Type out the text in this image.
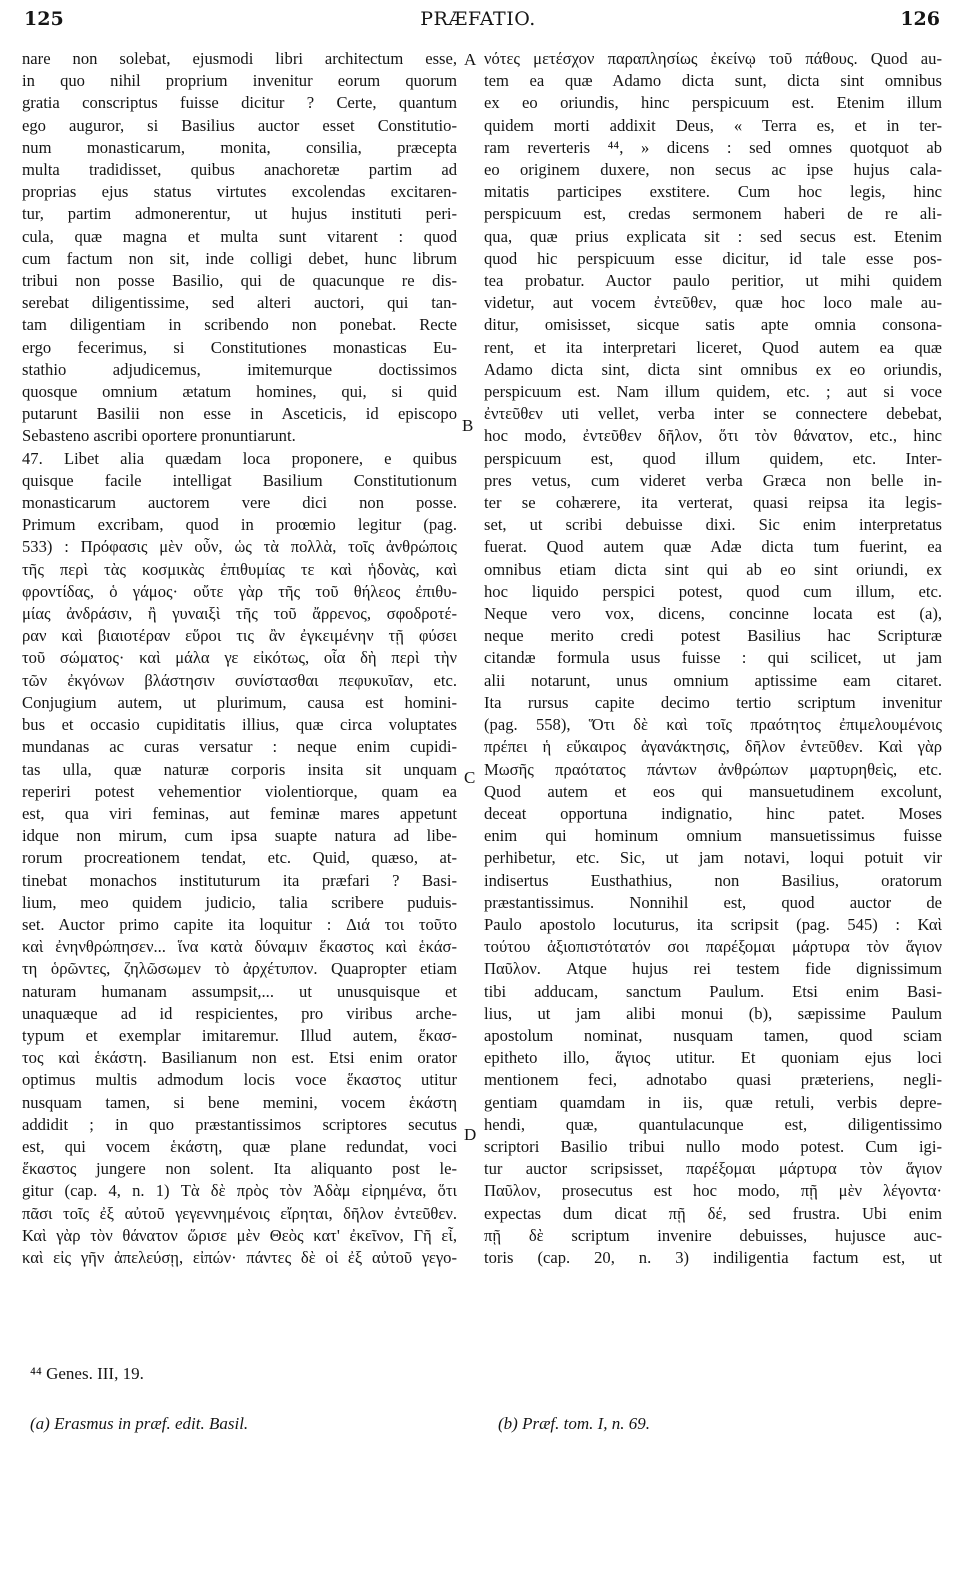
125	PRÆFATIO.	126
nare non solebat, ejusmodi libri architectum esse,
in quo nihil proprium invenitur eorum quorum
gratia conscriptus fuisse dicitur ? Certe, quantum
ego auguror, si Basilius auctor esset Constitutio-
num monasticarum, monita, consilia, præcepta
multa tradidisset, quibus anachoretæ partim ad
proprias ejus status virtutes excolendas excitaren-
tur, partim admonerentur, ut hujus instituti peri-
cula, quæ magna et multa sunt vitarent : quod
cum factum non sit, inde colligi debet, hunc librum
tribui non posse Basilio, qui de quacunque re dis-
serebat diligentissime, sed alteri auctori, qui tan-
tam diligentiam in scribendo non ponebat. Recte
ergo fecerimus, si Constitutiones monasticas Eu-
stathio adjudicemus, imitemurque doctissimos
quosque omnium ætatum homines, qui, si quid
putarunt Basilii non esse in Asceticis, id episcopo
Sebasteno ascribi oportere pronuntiarunt.
47. Libet alia quædam loca proponere, e quibus
quisque facile intelligat Basilium Constitutionum
monasticarum auctorem vere dici non posse.
Primum excribam, quod in proœmio legitur (pag.
533) : Πρόφασις μὲν οὖν, ὡς τὰ πολλὰ, τοῖς ἀνθρώποις
τῆς περὶ τὰς κοσμικὰς ἐπιθυμίας τε καὶ ἡδονὰς, καὶ
φροντίδας, ὁ γάμος· οὔτε γὰρ τῆς τοῦ θήλεος ἐπιθυ-
μίας ἀνδράσιν, ἢ γυναιξὶ τῆς τοῦ ἄρρενος, σφοδροτέ-
ραν καὶ βιαιοτέραν εὕροι τις ἂν ἐγκειμένην τῇ φύσει
τοῦ σώματος· καὶ μάλα γε εἰκότως, οἷα δὴ περὶ τὴν
τῶν ἐκγόνων βλάστησιν συνίστασθαι πεφυκυῖαν, etc.
Conjugium autem, ut plurimum, causa est homini-
bus et occasio cupiditatis illius, quæ circa voluptates
mundanas ac curas versatur : neque enim cupidi-
tas ulla, quæ naturæ corporis insita sit unquam
reperiri potest vehementior violentiorque, quam ea
est, qua viri feminas, aut feminæ mares appetunt
idque non mirum, cum ipsa suapte natura ad libe-
rorum procreationem tendat, etc. Quid, quæso, at-
tinebat monachos instituturum ita præfari ? Basi-
lium, meo quidem judicio, talia scribere puduis-
set. Auctor primo capite ita loquitur : Διά τοι τοῦτο
καὶ ἐνηνθρώπησεν... ἵνα κατὰ δύναμιν ἕκαστος καὶ ἑκάσ-
τη ὁρῶντες, ζηλῶσωμεν τὸ ἀρχέτυπον. Quapropter etiam
naturam humanam assumpsit,... ut unusquisque et
unaquæque ad id respicientes, pro viribus arche-
typum et exemplar imitaremur. Illud autem, ἕκασ-
τος καὶ ἑκάστη. Basilianum non est. Etsi enim orator
optimus multis admodum locis voce ἕκαστος utitur
nusquam tamen, si bene memini, vocem ἑκάστη
addidit ; in quo præstantissimos scriptores secutus
est, qui vocem ἑκάστη, quæ plane redundat, voci
ἕκαστος jungere non solent. Ita aliquanto post le-
gitur (cap. 4, n. 1) Τὰ δὲ πρὸς τὸν Ἀδὰμ εἰρημένα, ὅτι
πᾶσι τοῖς ἐξ αὐτοῦ γεγεννημένοις εἴρηται, δῆλον ἐντεῦθεν.
Καὶ γὰρ τὸν θάνατον ὥρισε μὲν Θεὸς κατ' ἐκεῖνον, Γῆ εἶ,
καὶ εἰς γῆν ἀπελεύσῃ, εἰπών· πάντες δὲ οἱ ἐξ αὐτοῦ γεγο-
νότες μετέσχον παραπλησίως ἐκείνῳ τοῦ πάθους. Quod au-
tem ea quæ Adamo dicta sunt, dicta sint omnibus
ex eo oriundis, hinc perspicuum est. Etenim illum
quidem morti addixit Deus, « Terra es, et in ter-
ram reverteris ⁴⁴, » dicens : sed omnes quotquot ab
eo originem duxere, non secus ac ipse hujus cala-
mitatis participes exstitere. Cum hoc legis, hinc
perspicuum est, credas sermonem haberi de re ali-
qua, quæ prius explicata sit : sed secus est. Etenim
quod hic perspicuum esse dicitur, id tale esse pos-
tea probatur. Auctor paulo peritior, ut mihi quidem
videtur, aut vocem ἐντεῦθεν, quæ hoc loco male au-
ditur, omisisset, sicque satis apte omnia consona-
rent, et ita interpretari liceret, Quod autem ea quæ
Adamo dicta sint, dicta sint omnibus ex eo oriundis,
perspicuum est. Nam illum quidem, etc. ; aut si voce
ἐντεῦθεν uti vellet, verba inter se connectere debebat,
hoc modo, ἐντεῦθεν δῆλον, ὅτι τὸν θάνατον, etc., hinc
perspicuum est, quod illum quidem, etc. Inter-
pres vetus, cum videret verba Græca non belle in-
ter se cohærere, ita verterat, quasi reipsa ita legis-
set, ut scribi debuisse dixi. Sic enim interpretatus
fuerat. Quod autem quæ Adæ dicta tum fuerint, ea
omnibus etiam dicta sint qui ab eo sint oriundi, ex
hoc liquido perspici potest, quod cum illum, etc.
Neque vero vox, dicens, concinne locata est (a),
neque merito credi potest Basilius hac Scripturæ
citandæ formula usus fuisse : qui scilicet, ut jam
alii notarunt, unus omnium aptissime eam citaret.
Ita rursus capite decimo tertio scriptum invenitur
(pag. 558), Ὅτι δὲ καὶ τοῖς πραότητος ἐπιμελουμένοις
πρέπει ἡ εὔκαιρος ἀγανάκτησις, δῆλον ἐντεῦθεν. Καὶ γὰρ
Μωσῆς πραότατος πάντων ἀνθρώπων μαρτυρηθεὶς, etc.
Quod autem et eos qui mansuetudinem excolunt,
deceat opportuna indignatio, hinc patet. Moses
enim qui hominum omnium mansuetissimus fuisse
perhibetur, etc. Sic, ut jam notavi, loqui potuit vir
indisertus Eusthathius, non Basilius, oratorum
præstantissimus. Nonnihil est, quod auctor de
Paulo apostolo locuturus, ita scripsit (pag. 545) : Καὶ
τούτου ἀξιοπιστότατόν σοι παρέξομαι μάρτυρα τὸν ἅγιον
Παῦλον. Atque hujus rei testem fide dignissimum
tibi adducam, sanctum Paulum. Etsi enim Basi-
lius, ut jam alibi monui (b), sæpissime Paulum
apostolum nominat, nusquam tamen, quod sciam
epitheto illo, ἅγιος utitur. Et quoniam ejus loci
mentionem feci, adnotabo quasi præteriens, negli-
gentiam quamdam in iis, quæ retuli, verbis depre-
hendi, quæ, quantulacunque est, diligentissimo
scriptori Basilio tribui nullo modo potest. Cum igi-
tur auctor scripsisset, παρέξομαι μάρτυρα τὸν ἅγιον
Παῦλον, prosecutus est hoc modo, πῇ μὲν λέγοντα·
expectas dum dicat πῇ δέ, sed frustra. Ubi enim
πῇ δὲ scriptum invenire debuisses, hujusce auc-
toris (cap. 20, n. 3) indiligentia factum est, ut
A
B
C
D
⁴⁴ Genes. III, 19.
(a) Erasmus in præf. edit. Basil.	(b) Præf. tom. I, n. 69.
